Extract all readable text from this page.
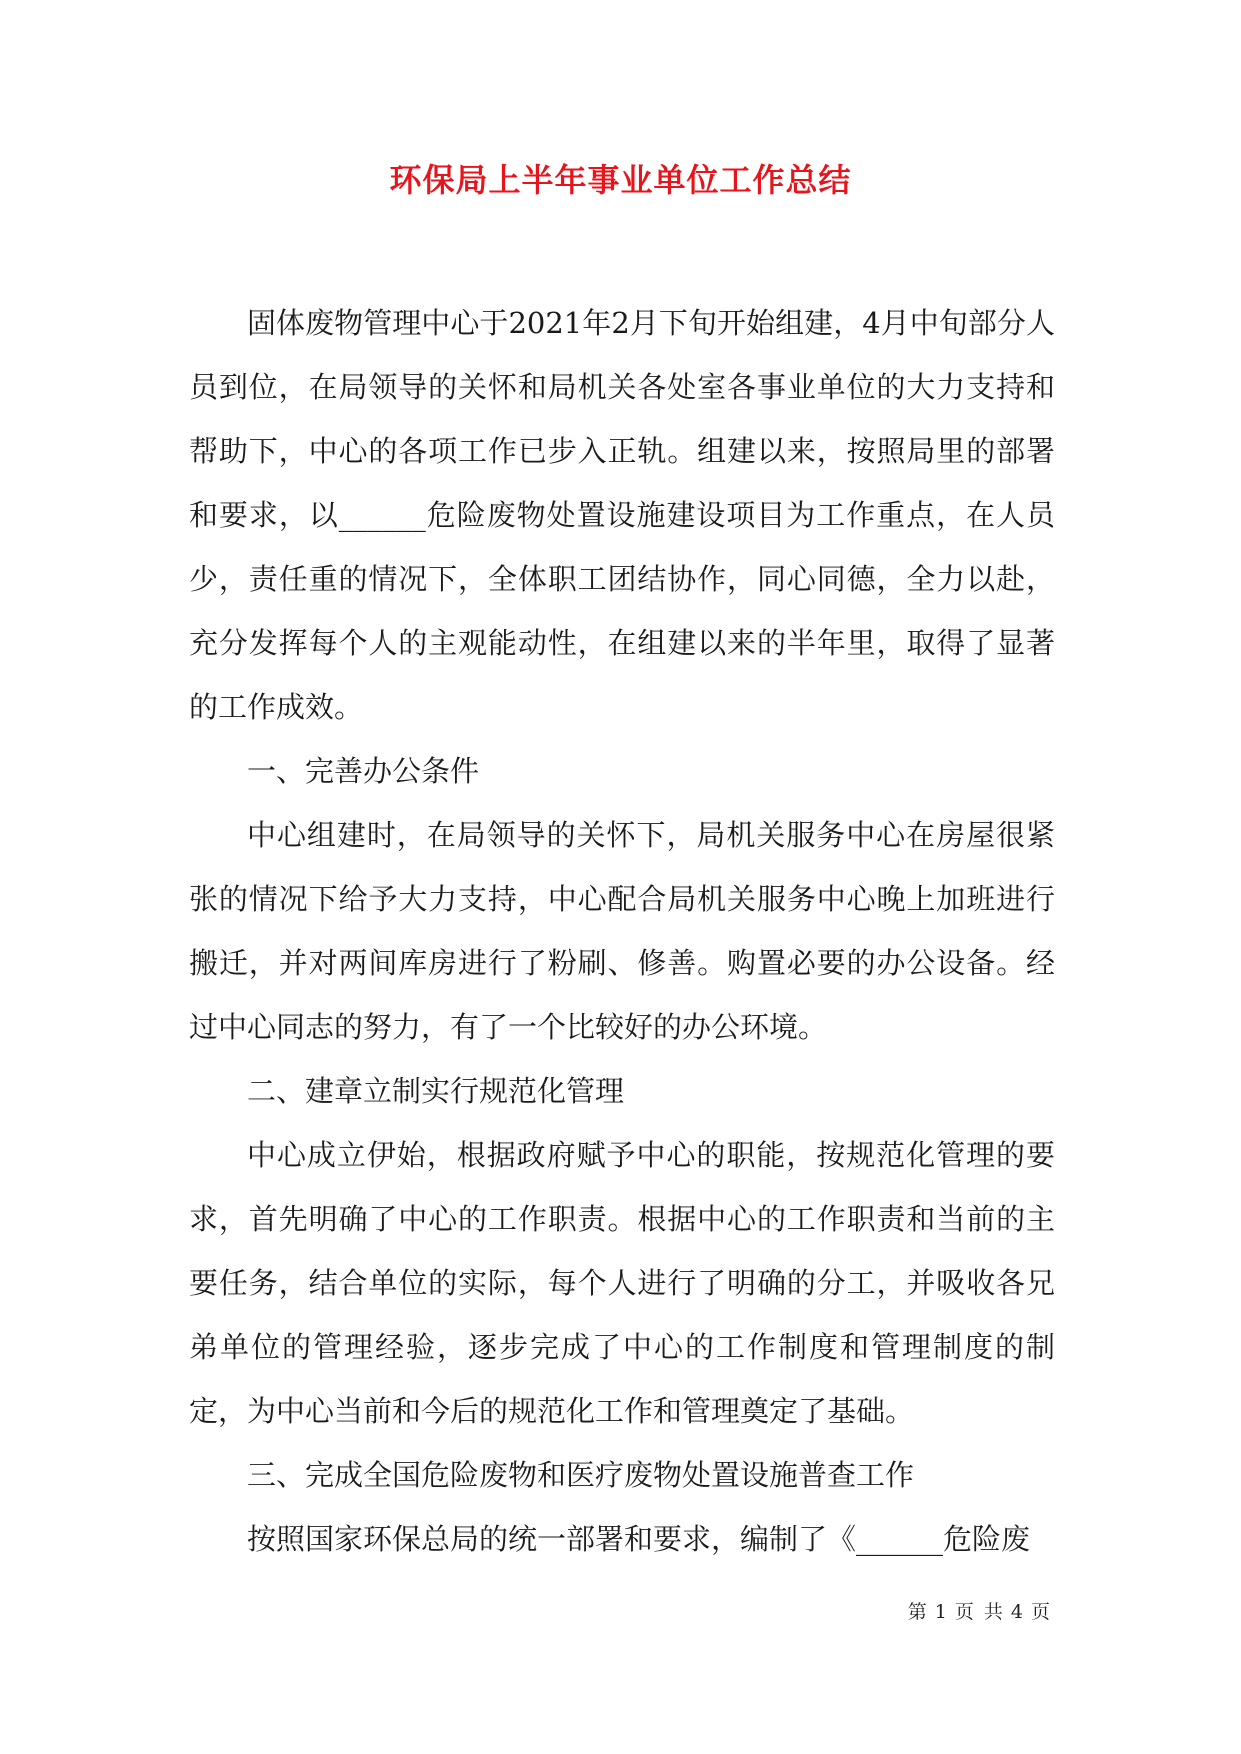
环保局上半年事业单位工作总结

固体废物管理中心于2021年2月下旬开始组建，4月中旬部分人员到位，在局领导的关怀和局机关各处室各事业单位的大力支持和帮助下，中心的各项工作已步入正轨。组建以来，按照局里的部署和要求，以______危险废物处置设施建设项目为工作重点，在人员少，责任重的情况下，全体职工团结协作，同心同德，全力以赴，充分发挥每个人的主观能动性，在组建以来的半年里，取得了显著的工作成效。

一、完善办公条件

中心组建时，在局领导的关怀下，局机关服务中心在房屋很紧张的情况下给予大力支持，中心配合局机关服务中心晚上加班进行搬迁，并对两间库房进行了粉刷、修善。购置必要的办公设备。经过中心同志的努力，有了一个比较好的办公环境。

二、建章立制实行规范化管理

中心成立伊始，根据政府赋予中心的职能，按规范化管理的要求，首先明确了中心的工作职责。根据中心的工作职责和当前的主要任务，结合单位的实际，每个人进行了明确的分工，并吸收各兄弟单位的管理经验，逐步完成了中心的工作制度和管理制度的制定，为中心当前和今后的规范化工作和管理奠定了基础。

三、完成全国危险废物和医疗废物处置设施普查工作

按照国家环保总局的统一部署和要求，编制了《______危险废

第 1 页 共 4 页
